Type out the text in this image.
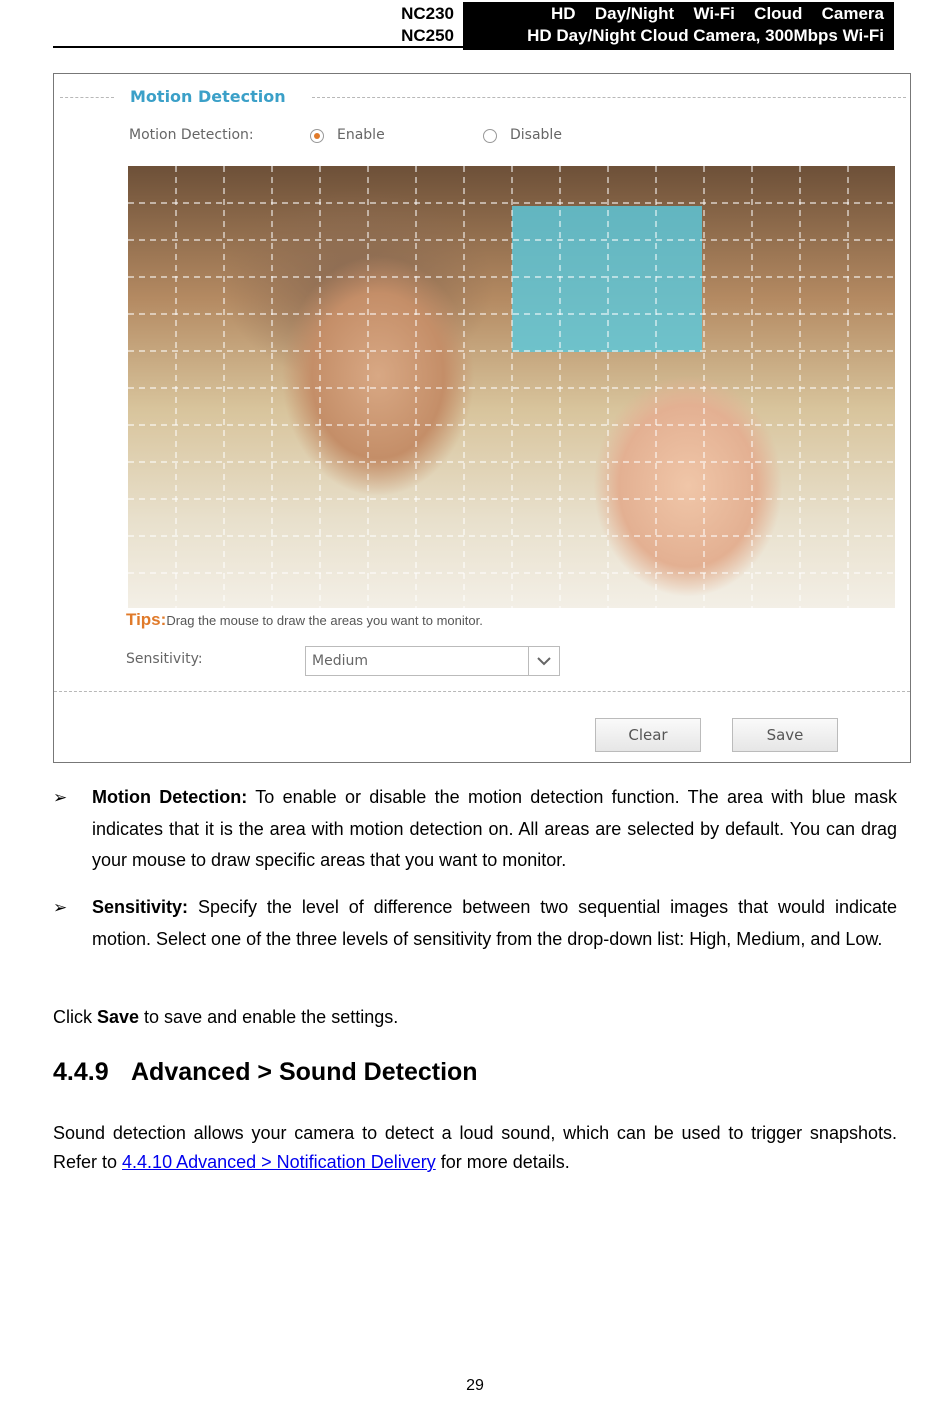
NC230
NC250
HD Day/Night Wi-Fi Cloud Camera
HD Day/Night Cloud Camera, 300Mbps Wi-Fi
Motion Detection
Motion Detection:	Enable	Disable
Tips:Drag the mouse to draw the areas you want to monitor.
Sensitivity:	Medium
Clear	Save
➢ Motion Detection: To enable or disable the motion detection function. The area with blue mask indicates that it is the area with motion detection on. All areas are selected by default. You can drag your mouse to draw specific areas that you want to monitor.
➢ Sensitivity: Specify the level of difference between two sequential images that would indicate motion. Select one of the three levels of sensitivity from the drop-down list: High, Medium, and Low.
Click Save to save and enable the settings.
4.4.9 Advanced > Sound Detection
Sound detection allows your camera to detect a loud sound, which can be used to trigger snapshots. Refer to 4.4.10 Advanced > Notification Delivery for more details.
29
